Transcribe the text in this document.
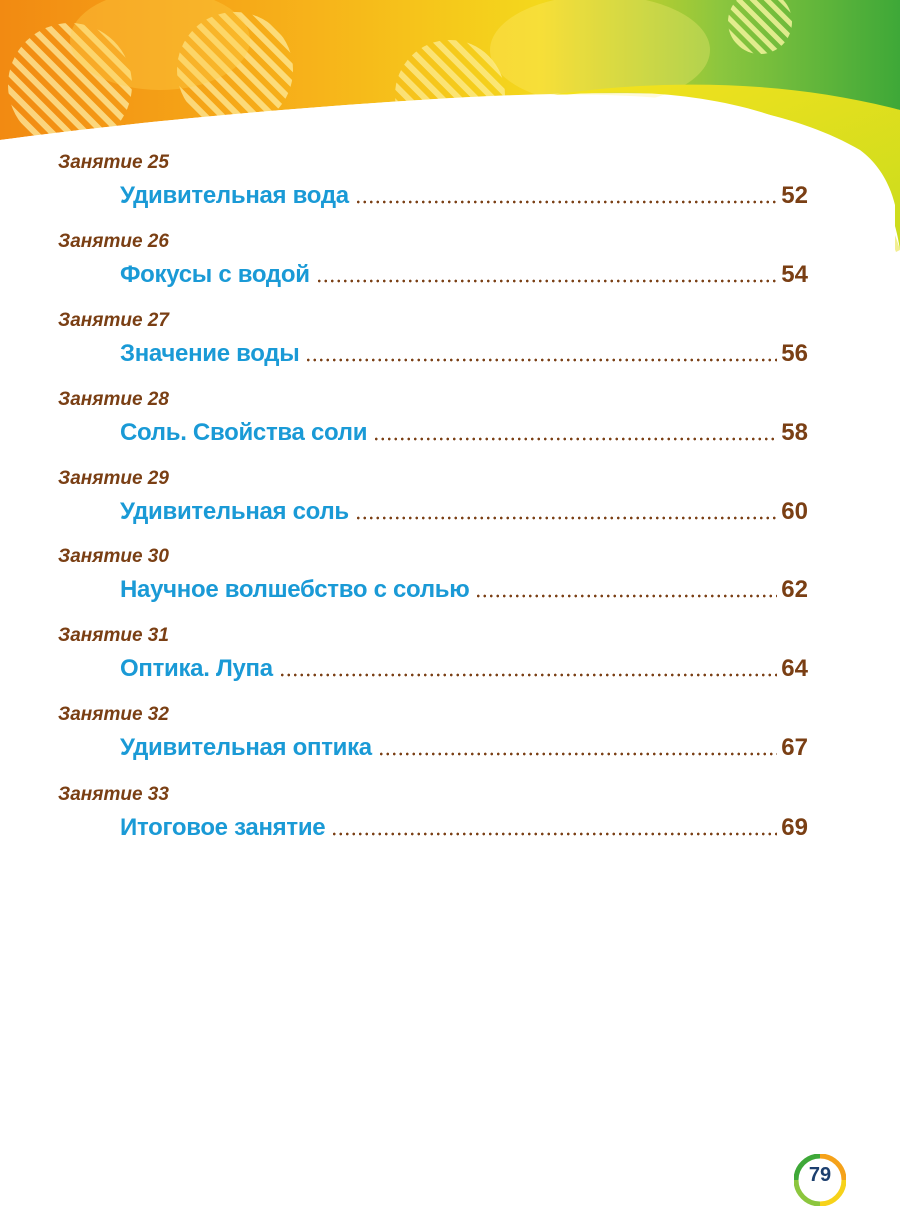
Занятие 25
Удивительная вода	52
Занятие 26
Фокусы с водой	54
Занятие 27
Значение воды	56
Занятие 28
Соль. Свойства соли	58
Занятие 29
Удивительная соль	60
Занятие 30
Научное волшебство с солью	62
Занятие 31
Оптика. Лупа	64
Занятие 32
Удивительная оптика	67
Занятие 33
Итоговое занятие	69
79
